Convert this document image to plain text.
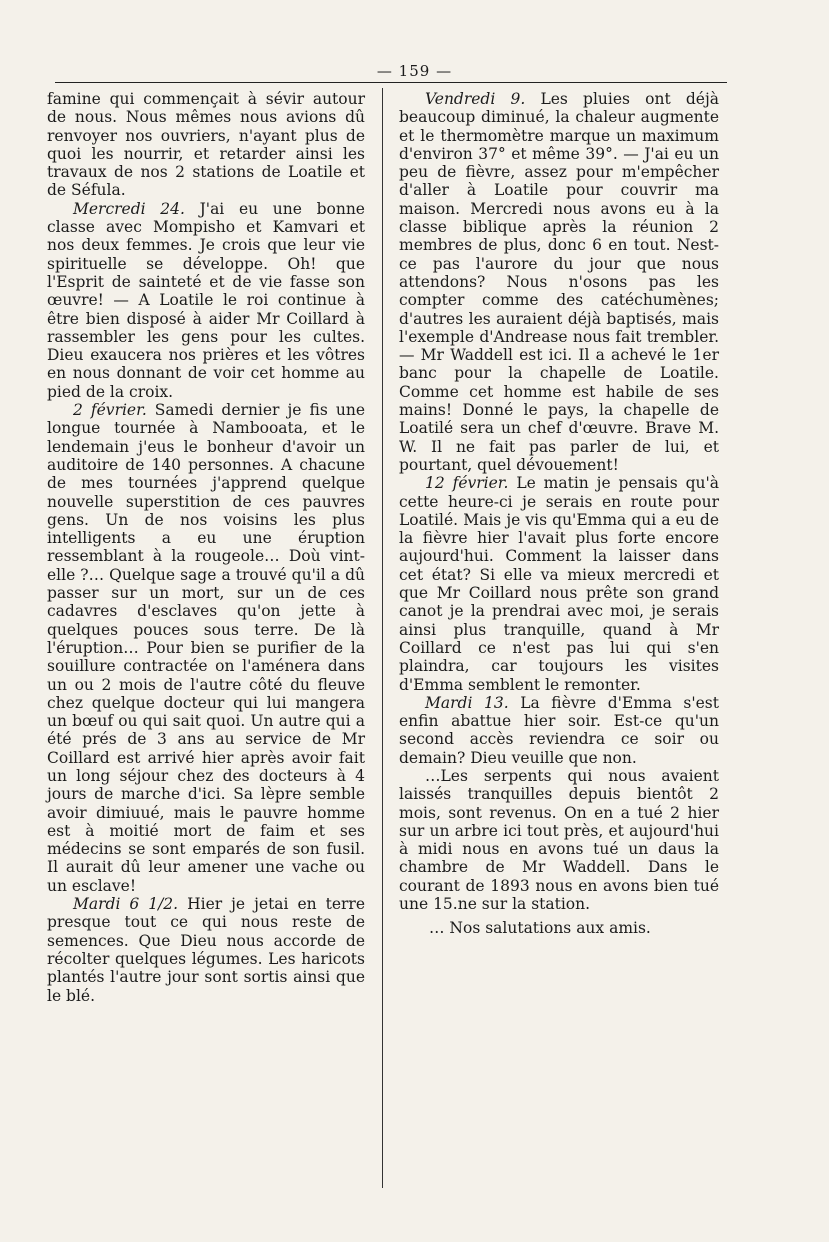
— 159 —

famine qui commençait à sévir autour de nous. Nous mêmes nous avions dû renvoyer nos ouvriers, n'ayant plus de quoi les nourrir, et retarder ainsi les travaux de nos 2 stations de Loatile et de Séfula.

Mercredi 24. J'ai eu une bonne classe avec Mompisho et Kamvari et nos deux femmes. Je crois que leur vie spirituelle se développe. Oh! que l'Esprit de sainteté et de vie fasse son œuvre! — A Loatile le roi continue à être bien disposé à aider Mr Coillard à rassembler les gens pour les cultes. Dieu exaucera nos prières et les vôtres en nous donnant de voir cet homme au pied de la croix.

2 février. Samedi dernier je fis une longue tournée à Nambooata, et le lendemain j'eus le bonheur d'avoir un auditoire de 140 personnes. A chacune de mes tournées j'apprend quelque nouvelle superstition de ces pauvres gens. Un de nos voisins les plus intelligents a eu une éruption ressemblant à la rougeole… Doù vint-elle ?… Quelque sage a trouvé qu'il a dû passer sur un mort, sur un de ces cadavres d'esclaves qu'on jette à quelques pouces sous terre. De là l'éruption… Pour bien se purifier de la souillure contractée on l'aménera dans un ou 2 mois de l'autre côté du fleuve chez quelque docteur qui lui mangera un bœuf ou qui sait quoi. Un autre qui a été prés de 3 ans au service de Mr Coillard est arrivé hier après avoir fait un long séjour chez des docteurs à 4 jours de marche d'ici. Sa lèpre semble avoir dimiuué, mais le pauvre homme est à moitié mort de faim et ses médecins se sont emparés de son fusil. Il aurait dû leur amener une vache ou un esclave!

Mardi 6 1/2. Hier je jetai en terre presque tout ce qui nous reste de semences. Que Dieu nous accorde de récolter quelques légumes. Les haricots plantés l'autre jour sont sortis ainsi que le blé.

Vendredi 9. Les pluies ont déjà beaucoup diminué, la chaleur augmente et le thermomètre marque un maximum d'environ 37° et même 39°. — J'ai eu un peu de fièvre, assez pour m'empêcher d'aller à Loatile pour couvrir ma maison. Mercredi nous avons eu à la classe biblique après la réunion 2 membres de plus, donc 6 en tout. Nest-ce pas l'aurore du jour que nous attendons? Nous n'osons pas les compter comme des catéchumènes; d'autres les auraient déjà baptisés, mais l'exemple d'Andrease nous fait trembler. — Mr Waddell est ici. Il a achevé le 1er banc pour la chapelle de Loatile. Comme cet homme est habile de ses mains! Donné le pays, la chapelle de Loatilé sera un chef d'œuvre. Brave M. W. Il ne fait pas parler de lui, et pourtant, quel dévouement!

12 février. Le matin je pensais qu'à cette heure-ci je serais en route pour Loatilé. Mais je vis qu'Emma qui a eu de la fièvre hier l'avait plus forte encore aujourd'hui. Comment la laisser dans cet état? Si elle va mieux mercredi et que Mr Coillard nous prête son grand canot je la prendrai avec moi, je serais ainsi plus tranquille, quand à Mr Coillard ce n'est pas lui qui s'en plaindra, car toujours les visites d'Emma semblent le remonter.

Mardi 13. La fièvre d'Emma s'est enfin abattue hier soir. Est-ce qu'un second accès reviendra ce soir ou demain? Dieu veuille que non.

…Les serpents qui nous avaient laissés tranquilles depuis bientôt 2 mois, sont revenus. On en a tué 2 hier sur un arbre ici tout près, et aujourd'hui à midi nous en avons tué un daus la chambre de Mr Waddell. Dans le courant de 1893 nous en avons bien tué une 15.ne sur la station.

… Nos salutations aux amis.
